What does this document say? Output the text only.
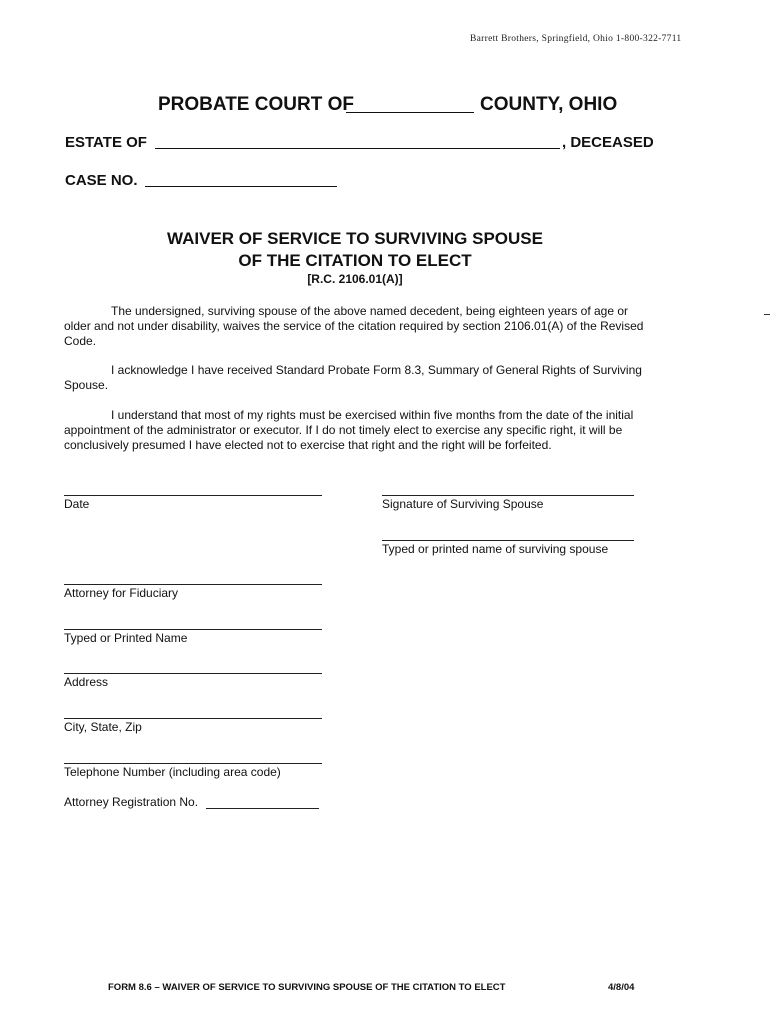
Barrett Brothers, Springfield, Ohio 1-800-322-7711
PROBATE COURT OF	COUNTY, OHIO
ESTATE OF	, DECEASED
CASE NO.
WAIVER OF SERVICE TO SURVIVING SPOUSE
OF THE CITATION TO ELECT
[R.C. 2106.01(A)]
The undersigned, surviving spouse of the above named decedent, being eighteen years of age or older and not under disability, waives the service of the citation required by section 2106.01(A) of the Revised Code.
I acknowledge I have received Standard Probate Form 8.3, Summary of General Rights of Surviving Spouse.
I understand that most of my rights must be exercised within five months from the date of the initial appointment of the administrator or executor. If I do not timely elect to exercise any specific right, it will be conclusively presumed I have elected not to exercise that right and the right will be forfeited.
Date	Signature of Surviving Spouse
Typed or printed name of surviving spouse
Attorney for Fiduciary
Typed or Printed Name
Address
City, State, Zip
Telephone Number (including area code)
Attorney Registration No.
FORM 8.6 – WAIVER OF SERVICE TO SURVIVING SPOUSE OF THE CITATION TO ELECT	4/8/04
